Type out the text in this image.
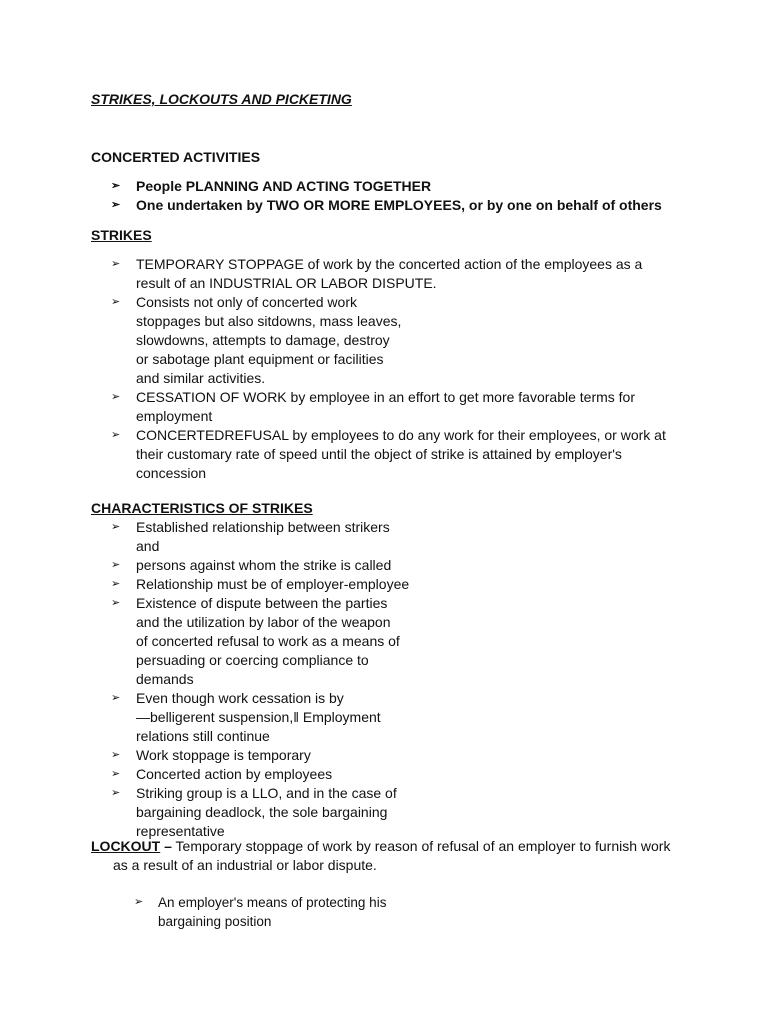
STRIKES, LOCKOUTS AND PICKETING
CONCERTED ACTIVITIES
➢ People PLANNING AND ACTING TOGETHER
➢ One undertaken by TWO OR MORE EMPLOYEES, or by one on behalf of others
STRIKES
➢ TEMPORARY STOPPAGE of work by the concerted action of the employees as a result of an INDUSTRIAL OR LABOR DISPUTE.
➢ Consists not only of concerted work stoppages but also sitdowns, mass leaves, slowdowns, attempts to damage, destroy or sabotage plant equipment or facilities and similar activities.
➢ CESSATION OF WORK by employee in an effort to get more favorable terms for employment
➢ CONCERTEDREFUSAL by employees to do any work for their employees, or work at their customary rate of speed until the object of strike is attained by employer's concession
CHARACTERISTICS OF STRIKES
➢ Established relationship between strikers and
➢ persons against whom the strike is called
➢ Relationship must be of employer-employee
➢ Existence of dispute between the parties and the utilization by labor of the weapon of concerted refusal to work as a means of persuading or coercing compliance to demands
➢ Even though work cessation is by ―belligerent suspension,‖ Employment relations still continue
➢ Work stoppage is temporary
➢ Concerted action by employees
➢ Striking group is a LLO, and in the case of bargaining deadlock, the sole bargaining representative
LOCKOUT – Temporary stoppage of work by reason of refusal of an employer to furnish work
as a result of an industrial or labor dispute.
➢ An employer's means of protecting his bargaining position
